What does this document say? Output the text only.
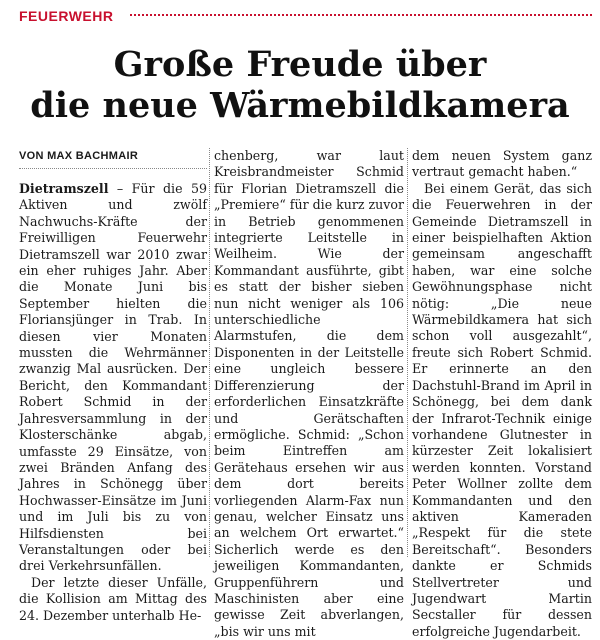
FEUERWEHR
Große Freude über
die neue Wärmebildkamera
VON MAX BACHMAIR

Dietramszell – Für die 59 Aktiven und zwölf Nachwuchs-Kräfte der Freiwilligen Feuerwehr Dietramszell war 2010 zwar ein eher ruhiges Jahr. Aber die Monate Juni bis September hielten die Floriansjünger in Trab. In diesen vier Monaten mussten die Wehrmänner zwanzig Mal ausrücken. Der Bericht, den Kommandant Robert Schmid in der Jahresversammlung in der Klosterschänke abgab, umfasste 29 Einsätze, von zwei Bränden Anfang des Jahres in Schönegg über Hochwasser-Einsätze im Juni und im Juli bis zu von Hilfsdiensten bei Veranstaltungen oder bei drei Verkehrsunfällen.

Der letzte dieser Unfälle, die Kollision am Mittag des 24. Dezember unterhalb He-

chenberg, war laut Kreisbrandmeister Schmid für Florian Dietramszell die „Premiere“ für die kurz zuvor in Betrieb genommenen integrierte Leitstelle in Weilheim. Wie der Kommandant ausführte, gibt es statt der bisher sieben nun nicht weniger als 106 unterschiedliche Alarmstufen, die dem Disponenten in der Leitstelle eine ungleich bessere Differenzierung der erforderlichen Einsatzkräfte und Gerätschaften ermögliche. Schmid: „Schon beim Eintreffen am Gerätehaus ersehen wir aus dem dort bereits vorliegenden Alarm-Fax nun genau, welcher Einsatz uns an welchem Ort erwartet.“ Sicherlich werde es den jeweiligen Kommandanten, Gruppenführern und Maschinisten aber eine gewisse Zeit abverlangen, „bis wir uns mit

dem neuen System ganz vertraut gemacht haben.“

Bei einem Gerät, das sich die Feuerwehren in der Gemeinde Dietramszell in einer beispielhaften Aktion gemeinsam angeschafft haben, war eine solche Gewöhnungsphase nicht nötig: „Die neue Wärmebildkamera hat sich schon voll ausgezahlt“, freute sich Robert Schmid. Er erinnerte an den Dachstuhl-Brand im April in Schönegg, bei dem dank der Infrarot-Technik einige vorhandene Glutnester in kürzester Zeit lokalisiert werden konnten. Vorstand Peter Wollner zollte dem Kommandanten und den aktiven Kameraden „Respekt für die stete Bereitschaft“. Besonders dankte er Schmids Stellvertreter und Jugendwart Martin Secstaller für dessen erfolgreiche Jugendarbeit.
